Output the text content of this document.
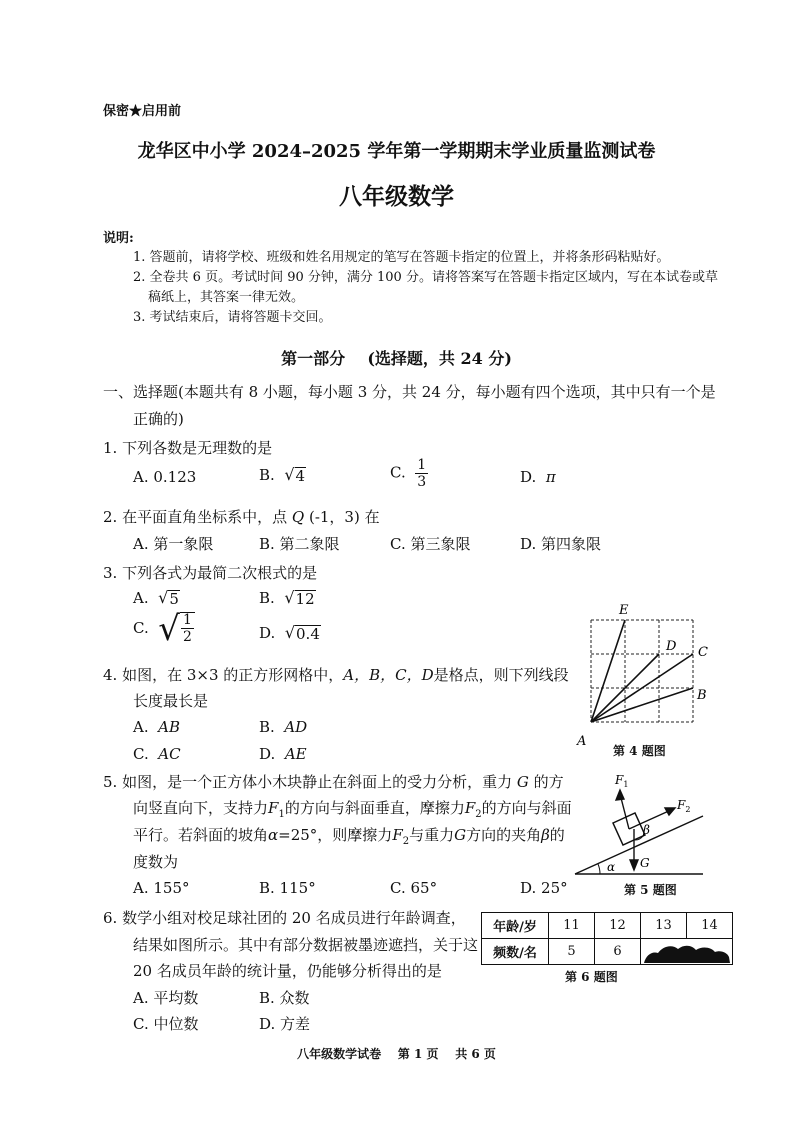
保密★启用前
龙华区中小学 2024–2025 学年第一学期期末学业质量监测试卷
八年级数学
说明:
1. 答题前，请将学校、班级和姓名用规定的笔写在答题卡指定的位置上，并将条形码粘贴好。
2. 全卷共 6 页。考试时间 90 分钟，满分 100 分。请将答案写在答题卡指定区域内，写在本试卷或草
稿纸上，其答案一律无效。
3. 考试结束后，请将答题卡交回。
第一部分    (选择题，共 24 分)
一、选择题(本题共有 8 小题，每小题 3 分，共 24 分，每小题有四个选项，其中只有一个是
正确的)
1. 下列各数是无理数的是
A. 0.123	B. √ 4	C. $\frac{1}{3}$	D. π
2. 在平面直角坐标系中，点 Q (-1，3) 在
A. 第一象限	B. 第二象限	C. 第三象限	D. 第四象限
3. 下列各式为最简二次根式的是
A. √ 5	B. √ 12
C. √ $\frac{1}{2}$	D. √ 0.4
4. 如图，在 3×3 的正方形网格中，A，B，C，D是格点，则下列线段
长度最长是
A. AB	B. AD
C. AC	D. AE
E
D C
B
A
第 4 题图
5. 如图，是一个正方体小木块静止在斜面上的受力分析，重力 G 的方
向竖直向下，支持力$F_1$的方向与斜面垂直，摩擦力$F_2$的方向与斜面
平行。若斜面的坡角α=25°，则摩擦力$F_2$与重力G方向的夹角β的
度数为
A. 155°	B. 115°	C. 65°	D. 25°
$F_1$
$F_2$
β
α G
第 5 题图
6. 数学小组对校足球社团的 20 名成员进行年龄调查，
结果如图所示。其中有部分数据被墨迹遮挡，关于这
20 名成员年龄的统计量，仍能够分析得出的是
A. 平均数	B. 众数
C. 中位数	D. 方差
年龄/岁	11	12	13	14
频数/名	5	6	
第 6 题图
八年级数学试卷    第 1 页    共 6 页
